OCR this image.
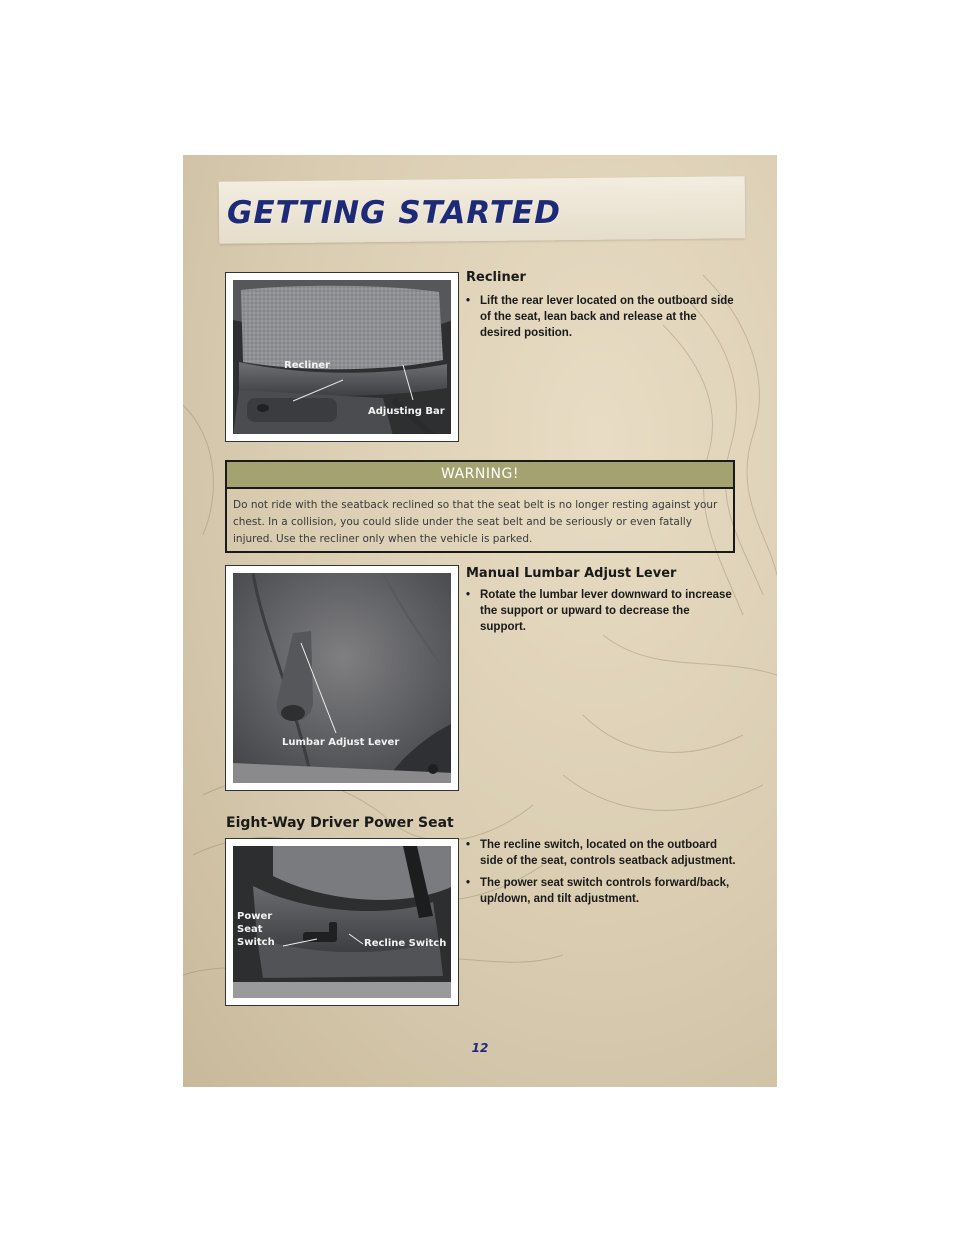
GETTING STARTED
Recliner
Adjusting Bar
Recliner
• Lift the rear lever located on the outboard side of the seat, lean back and release at the desired position.
WARNING!
Do not ride with the seatback reclined so that the seat belt is no longer resting against your chest. In a collision, you could slide under the seat belt and be seriously or even fatally injured. Use the recliner only when the vehicle is parked.
Lumbar Adjust Lever
Manual Lumbar Adjust Lever
• Rotate the lumbar lever downward to increase the support or upward to decrease the support.
Eight-Way Driver Power Seat
Power
Seat
Switch	Recline Switch
• The recline switch, located on the outboard side of the seat, controls seatback adjustment.
• The power seat switch controls forward/back, up/down, and tilt adjustment.
12
